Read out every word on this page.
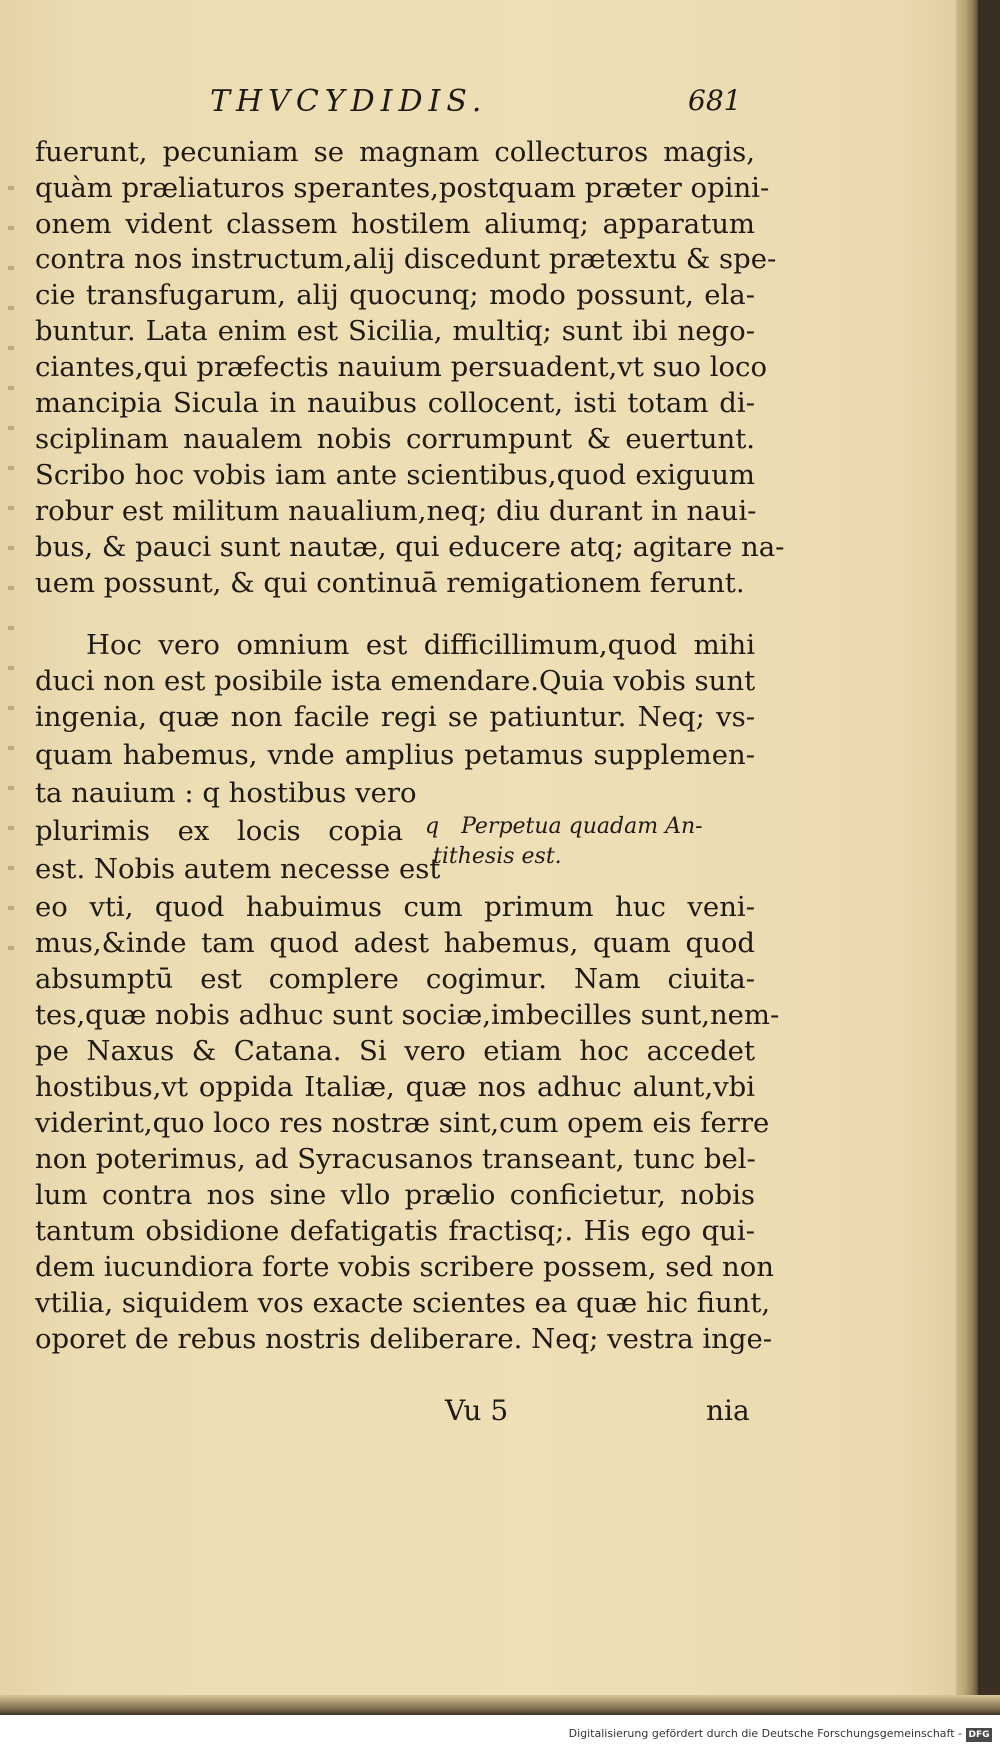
THVCYDIDIS.	681
fuerunt, pecuniam se magnam collecturos magis,
quàm præliaturos sperantes,postquam præter opini-
onem vident classem hostilem aliumq; apparatum
contra nos instructum,alij discedunt prætextu & spe-
cie transfugarum, alij quocunq; modo possunt, ela-
buntur. Lata enim est Sicilia, multiq; sunt ibi nego-
ciantes,qui præfectis nauium persuadent,vt suo loco
mancipia Sicula in nauibus collocent, isti totam di-
sciplinam naualem nobis corrumpunt & euertunt.
Scribo hoc vobis iam ante scientibus,quod exiguum
robur est militum naualium,neq; diu durant in naui-
bus, & pauci sunt nautæ, qui educere atq; agitare na-
uem possunt, & qui continuā remigationem ferunt.
Hoc vero omnium est difficillimum,quod mihi
duci non est posibile ista emendare.Quia vobis sunt
ingenia, quæ non facile regi se patiuntur. Neq; vs-
quam habemus, vnde amplius petamus supplemen-
ta nauium : q hostibus vero
plurimis ex locis copia
est. Nobis autem necesse est
eo vti, quod habuimus cum primum huc veni-
mus,&inde tam quod adest habemus, quam quod
absumptū est complere cogimur. Nam ciuita-
tes,quæ nobis adhuc sunt sociæ,imbecilles sunt,nem-
pe Naxus & Catana. Si vero etiam hoc accedet
hostibus,vt oppida Italiæ, quæ nos adhuc alunt,vbi
viderint,quo loco res nostræ sint,cum opem eis ferre
non poterimus, ad Syracusanos transeant, tunc bel-
lum contra nos sine vllo prælio conficietur, nobis
tantum obsidione defatigatis fractisq;. His ego qui-
dem iucundiora forte vobis scribere possem, sed non
vtilia, siquidem vos exacte scientes ea quæ hic fiunt,
oporet de rebus nostris deliberare. Neq; vestra inge-
q Perpetua quadam An-
tithesis est.
Vu 5	nia
Digitalisierung gefördert durch die Deutsche Forschungsgemeinschaft - DFG
